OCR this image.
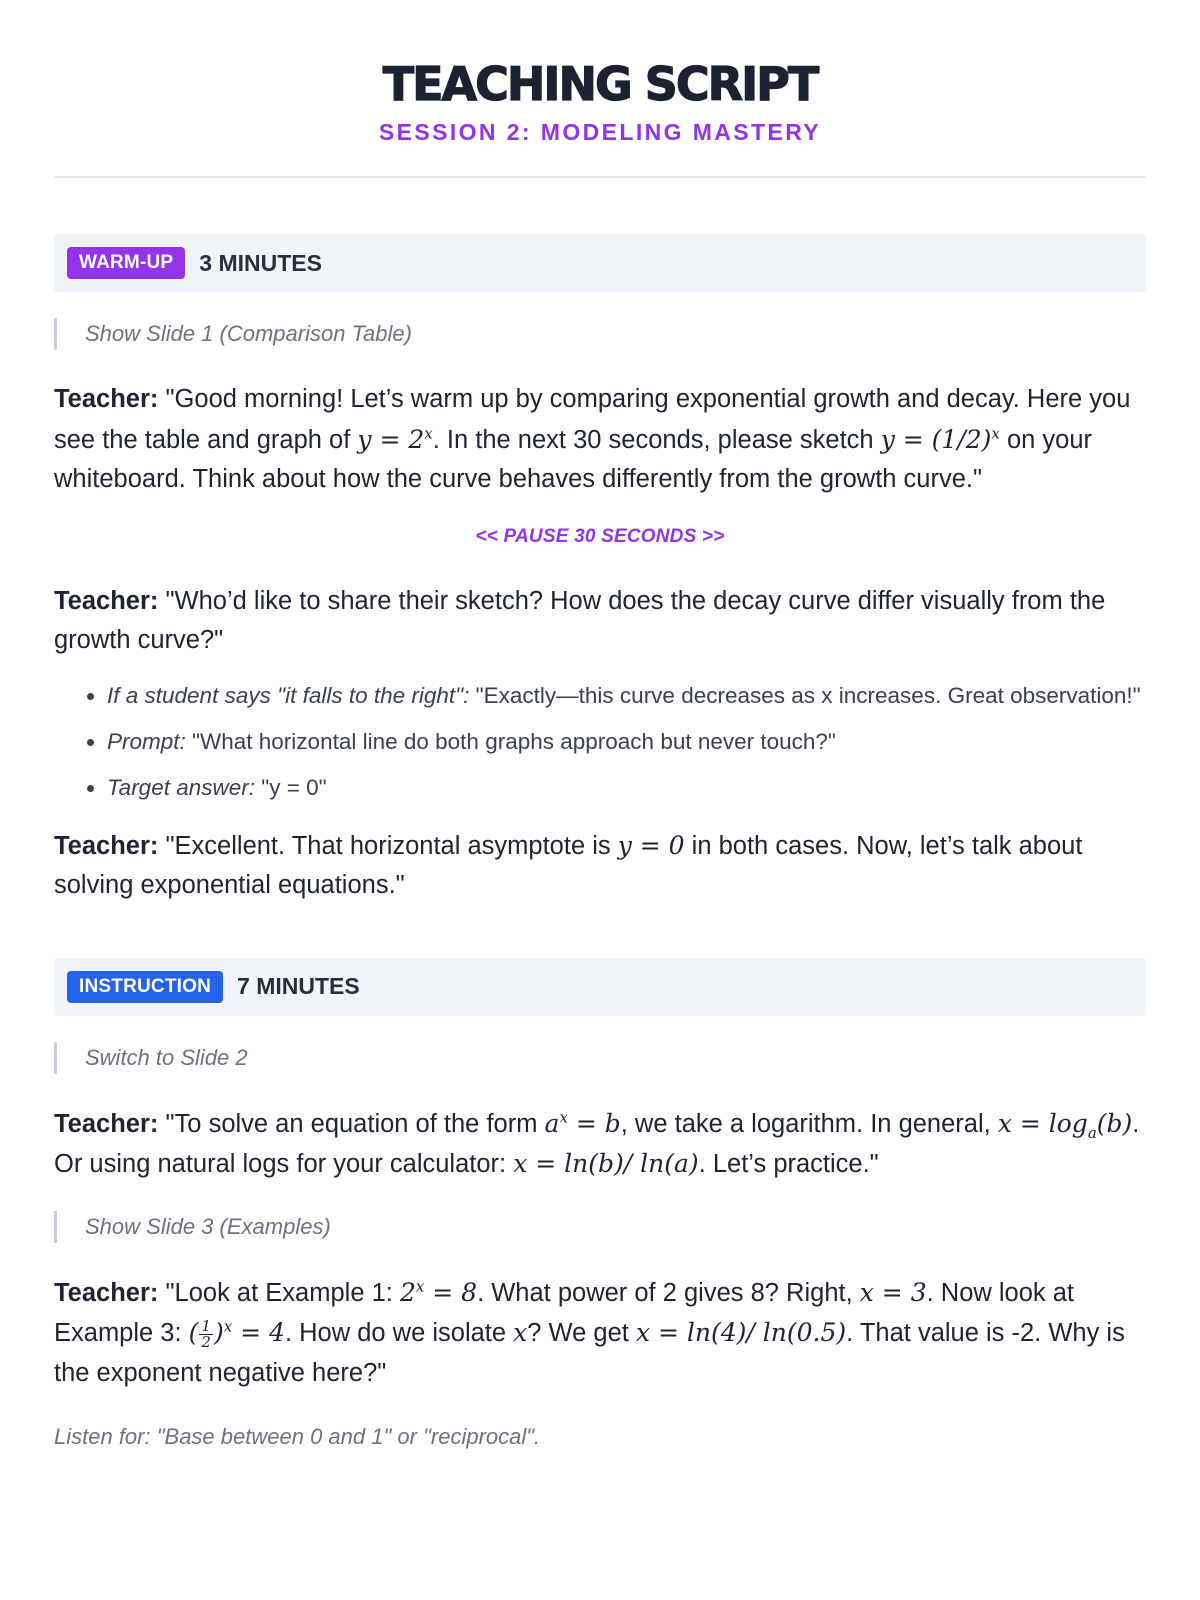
TEACHING SCRIPT
SESSION 2: MODELING MASTERY
WARM-UP	3 MINUTES
Show Slide 1 (Comparison Table)
Teacher: "Good morning! Let’s warm up by comparing exponential growth and decay. Here you see the table and graph of $y = 2^x$. In the next 30 seconds, please sketch $y = (1/2)^x$ on your whiteboard. Think about how the curve behaves differently from the growth curve."
<< PAUSE 30 SECONDS >>
Teacher: "Who’d like to share their sketch? How does the decay curve differ visually from the growth curve?"
• If a student says "it falls to the right": "Exactly—this curve decreases as x increases. Great observation!"
• Prompt: "What horizontal line do both graphs approach but never touch?"
• Target answer: "y = 0"
Teacher: "Excellent. That horizontal asymptote is y = 0 in both cases. Now, let’s talk about solving exponential equations."
INSTRUCTION	7 MINUTES
Switch to Slide 2
Teacher: "To solve an equation of the form $a^x = b$, we take a logarithm. In general, $x = \log_a(b)$. Or using natural logs for your calculator: x = ln(b)/ ln(a). Let’s practice."
Show Slide 3 (Examples)
Teacher: "Look at Example 1: $2^x = 8$. What power of 2 gives 8? Right, x = 3. Now look at Example 3: ( $\frac{1}{2} )^x = 4$. How do we isolate x? We get x = ln(4)/ ln(0.5). That value is -2. Why is the exponent negative here?"
Listen for: "Base between 0 and 1" or "reciprocal".
